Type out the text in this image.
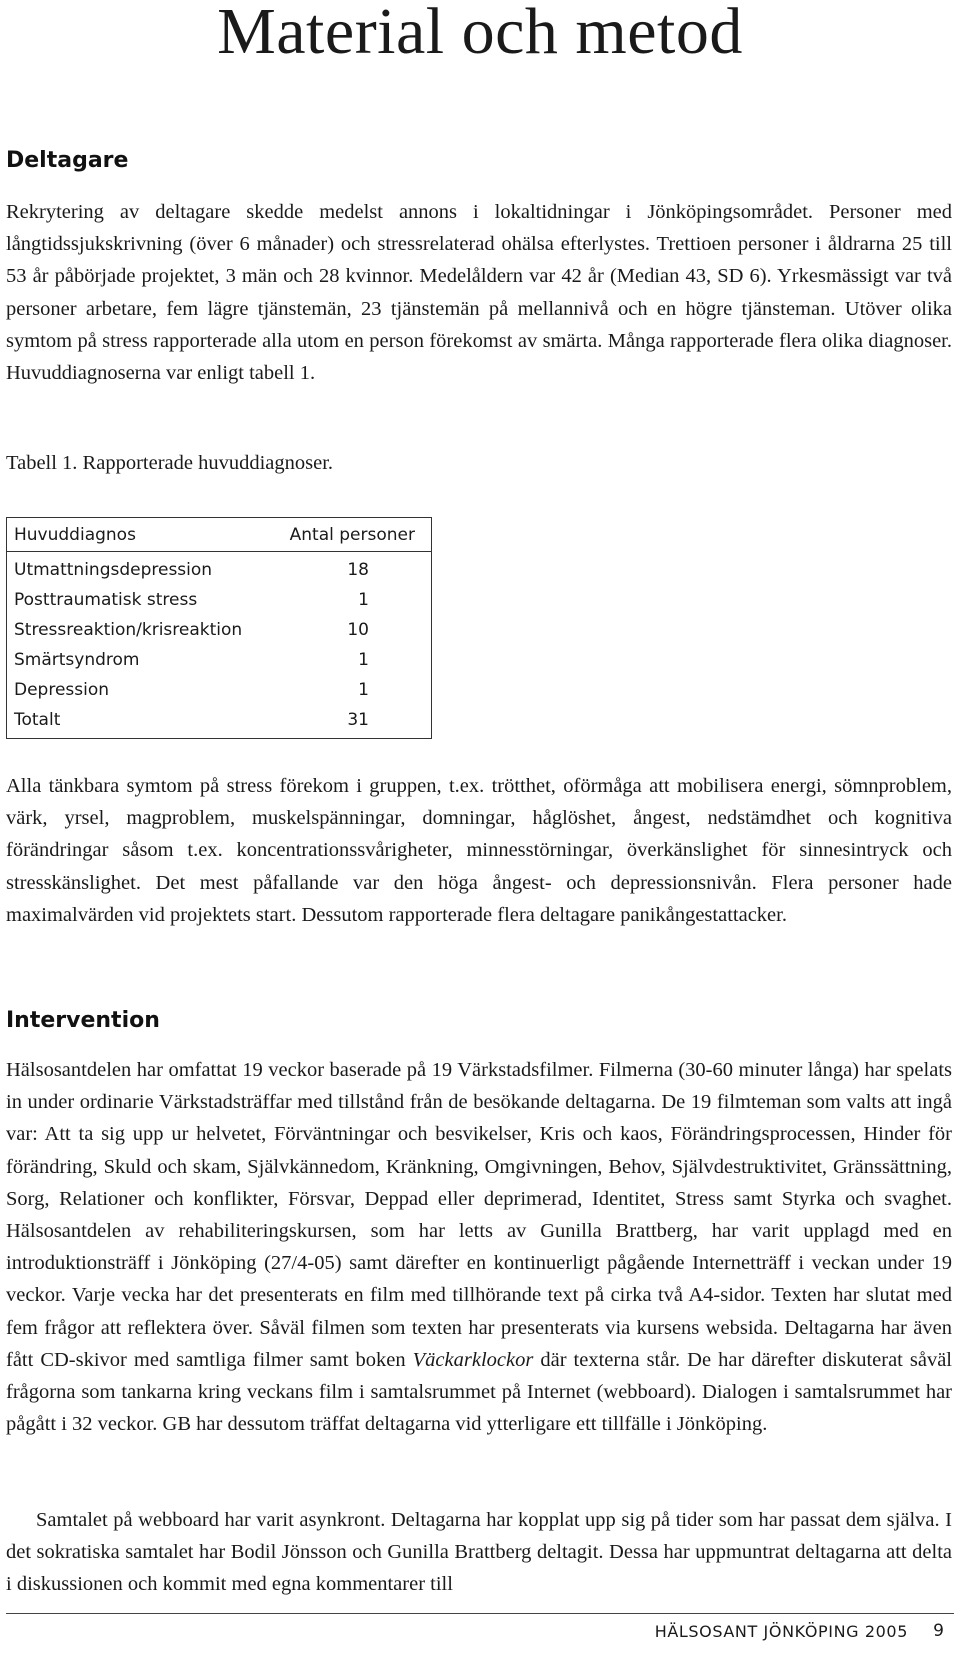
Material och metod
Deltagare

Rekrytering av deltagare skedde medelst annons i lokaltidningar i Jönköpingsområdet. Personer med långtidssjukskrivning (över 6 månader) och stressrelaterad ohälsa efterlystes. Trettioen personer i åldrarna 25 till 53 år påbörjade projektet, 3 män och 28 kvinnor. Medelåldern var 42 år (Median 43, SD 6). Yrkesmässigt var två personer arbetare, fem lägre tjänstemän, 23 tjänstemän på mellannivå och en högre tjänsteman. Utöver olika symtom på stress rapporterade alla utom en person förekomst av smärta. Många rapporterade flera olika diagnoser. Huvuddiagnoserna var enligt tabell 1.

Tabell 1. Rapporterade huvuddiagnoser.

Huvuddiagnos	Antal personer
Utmattningsdepression	18
Posttraumatisk stress	1
Stressreaktion/krisreaktion	10
Smärtsyndrom	1
Depression	1
Totalt	31

Alla tänkbara symtom på stress förekom i gruppen, t.ex. trötthet, oförmåga att mobilisera energi, sömnproblem, värk, yrsel, magproblem, muskelspänningar, domningar, håglöshet, ångest, nedstämdhet och kognitiva förändringar såsom t.ex. koncentrationssvårigheter, minnesstörningar, överkänslighet för sinnesintryck och stresskänslighet. Det mest påfallande var den höga ångest- och depressionsnivån. Flera personer hade maximalvärden vid projektets start. Dessutom rapporterade flera deltagare panikångestattacker.

Intervention

Hälsosantdelen har omfattat 19 veckor baserade på 19 Värkstadsfilmer. Filmerna (30-60 minuter långa) har spelats in under ordinarie Värkstadsträffar med tillstånd från de besökande deltagarna. De 19 filmteman som valts att ingå var: Att ta sig upp ur helvetet, Förväntningar och besvikelser, Kris och kaos, Förändringsprocessen, Hinder för förändring, Skuld och skam, Självkännedom, Kränkning, Omgivningen, Behov, Självdestruktivitet, Gränssättning, Sorg, Relationer och konflikter, Försvar, Deppad eller deprimerad, Identitet, Stress samt Styrka och svaghet. Hälsosantdelen av rehabiliteringskursen, som har letts av Gunilla Brattberg, har varit upplagd med en introduktionsträff i Jönköping (27/4-05) samt därefter en kontinuerligt pågående Internetträff i veckan under 19 veckor. Varje vecka har det presenterats en film med tillhörande text på cirka två A4-sidor. Texten har slutat med fem frågor att reflektera över. Såväl filmen som texten har presenterats via kursens websida. Deltagarna har även fått CD-skivor med samtliga filmer samt boken Väckarklockor där texterna står. De har därefter diskuterat såväl frågorna som tankarna kring veckans film i samtalsrummet på Internet (webboard). Dialogen i samtalsrummet har pågått i 32 veckor. GB har dessutom träffat deltagarna vid ytterligare ett tillfälle i Jönköping.

Samtalet på webboard har varit asynkront. Deltagarna har kopplat upp sig på tider som har passat dem själva. I det sokratiska samtalet har Bodil Jönsson och Gunilla Brattberg deltagit. Dessa har uppmuntrat deltagarna att delta i diskussionen och kommit med egna kommentarer till

HÄLSOSANT JÖNKÖPING 2005 9
